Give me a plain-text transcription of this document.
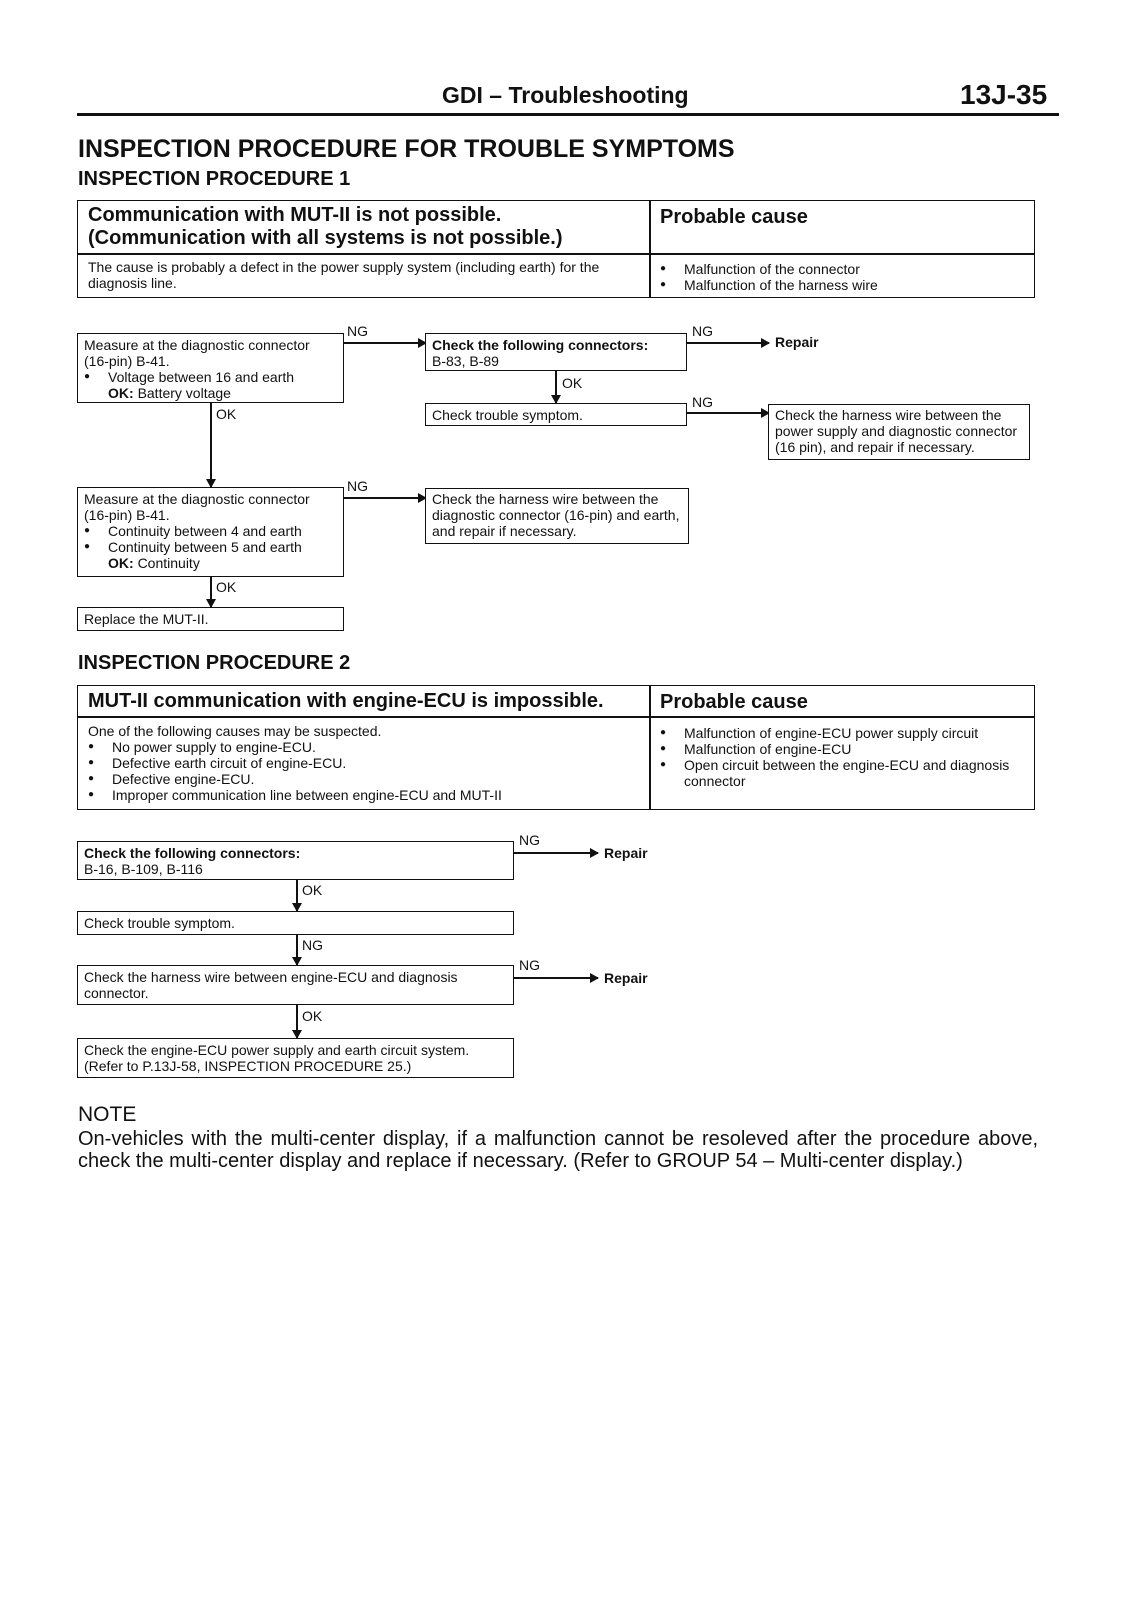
GDI – Troubleshooting	13J-35
INSPECTION PROCEDURE FOR TROUBLE SYMPTOMS
INSPECTION PROCEDURE 1
Communication with MUT-II is not possible.
(Communication with all systems is not possible.)
Probable cause
The cause is probably a defect in the power supply system (including earth) for the diagnosis line.
● Malfunction of the connector
● Malfunction of the harness wire
Measure at the diagnostic connector
(16-pin) B-41.
● Voltage between 16 and earth
OK: Battery voltage
NG
Check the following connectors:
B-83, B-89
NG
Repair
OK
Check trouble symptom.
NG
Check the harness wire between the power supply and diagnostic connector (16 pin), and repair if necessary.
OK
Measure at the diagnostic connector
(16-pin) B-41.
● Continuity between 4 and earth
● Continuity between 5 and earth
OK: Continuity
NG
Check the harness wire between the diagnostic connector (16-pin) and earth, and repair if necessary.
OK
Replace the MUT-II.
INSPECTION PROCEDURE 2
MUT-II communication with engine-ECU is impossible.	Probable cause
One of the following causes may be suspected.
● No power supply to engine-ECU.
● Defective earth circuit of engine-ECU.
● Defective engine-ECU.
● Improper communication line between engine-ECU and MUT-II
● Malfunction of engine-ECU power supply circuit
● Malfunction of engine-ECU
● Open circuit between the engine-ECU and diagnosis connector
Check the following connectors:
B-16, B-109, B-116
NG
Repair
OK
Check trouble symptom.
NG
Check the harness wire between engine-ECU and diagnosis connector.
NG
Repair
OK
Check the engine-ECU power supply and earth circuit system.
(Refer to P.13J-58, INSPECTION PROCEDURE 25.)
NOTE
On-vehicles with the multi-center display, if a malfunction cannot be resoleved after the procedure above, check the multi-center display and replace if necessary. (Refer to GROUP 54 – Multi-center display.)
